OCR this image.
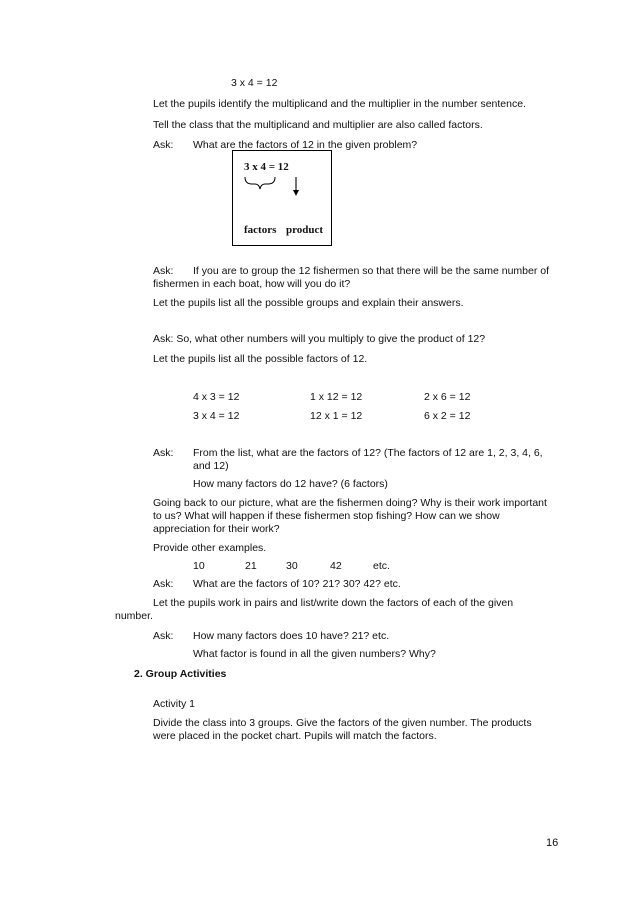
3 x 4 = 12
Let the pupils identify the multiplicand and the multiplier in the number sentence.
Tell the class that the multiplicand and multiplier are also called factors.
Ask: What are the factors of 12 in the given problem?
3 x 4 = 12
factors product
Ask: If you are to group the 12 fishermen so that there will be the same number of
fishermen in each boat, how will you do it?
Let the pupils list all the possible groups and explain their answers.
Ask: So, what other numbers will you multiply to give the product of 12?
Let the pupils list all the possible factors of 12.
4 x 3 = 12	1 x 12 = 12	2 x 6 = 12
3 x 4 = 12	12 x 1 = 12	6 x 2 = 12
Ask: From the list, what are the factors of 12? (The factors of 12 are 1, 2, 3, 4, 6,
and 12)
How many factors do 12 have? (6 factors)
Going back to our picture, what are the fishermen doing? Why is their work important
to us? What will happen if these fishermen stop fishing? How can we show
appreciation for their work?
Provide other examples.
10	21	30	42	etc.
Ask: What are the factors of 10? 21? 30? 42? etc.
Let the pupils work in pairs and list/write down the factors of each of the given
number.
Ask: How many factors does 10 have? 21? etc.
What factor is found in all the given numbers? Why?
2. Group Activities
Activity 1
Divide the class into 3 groups. Give the factors of the given number. The products
were placed in the pocket chart. Pupils will match the factors.
16
